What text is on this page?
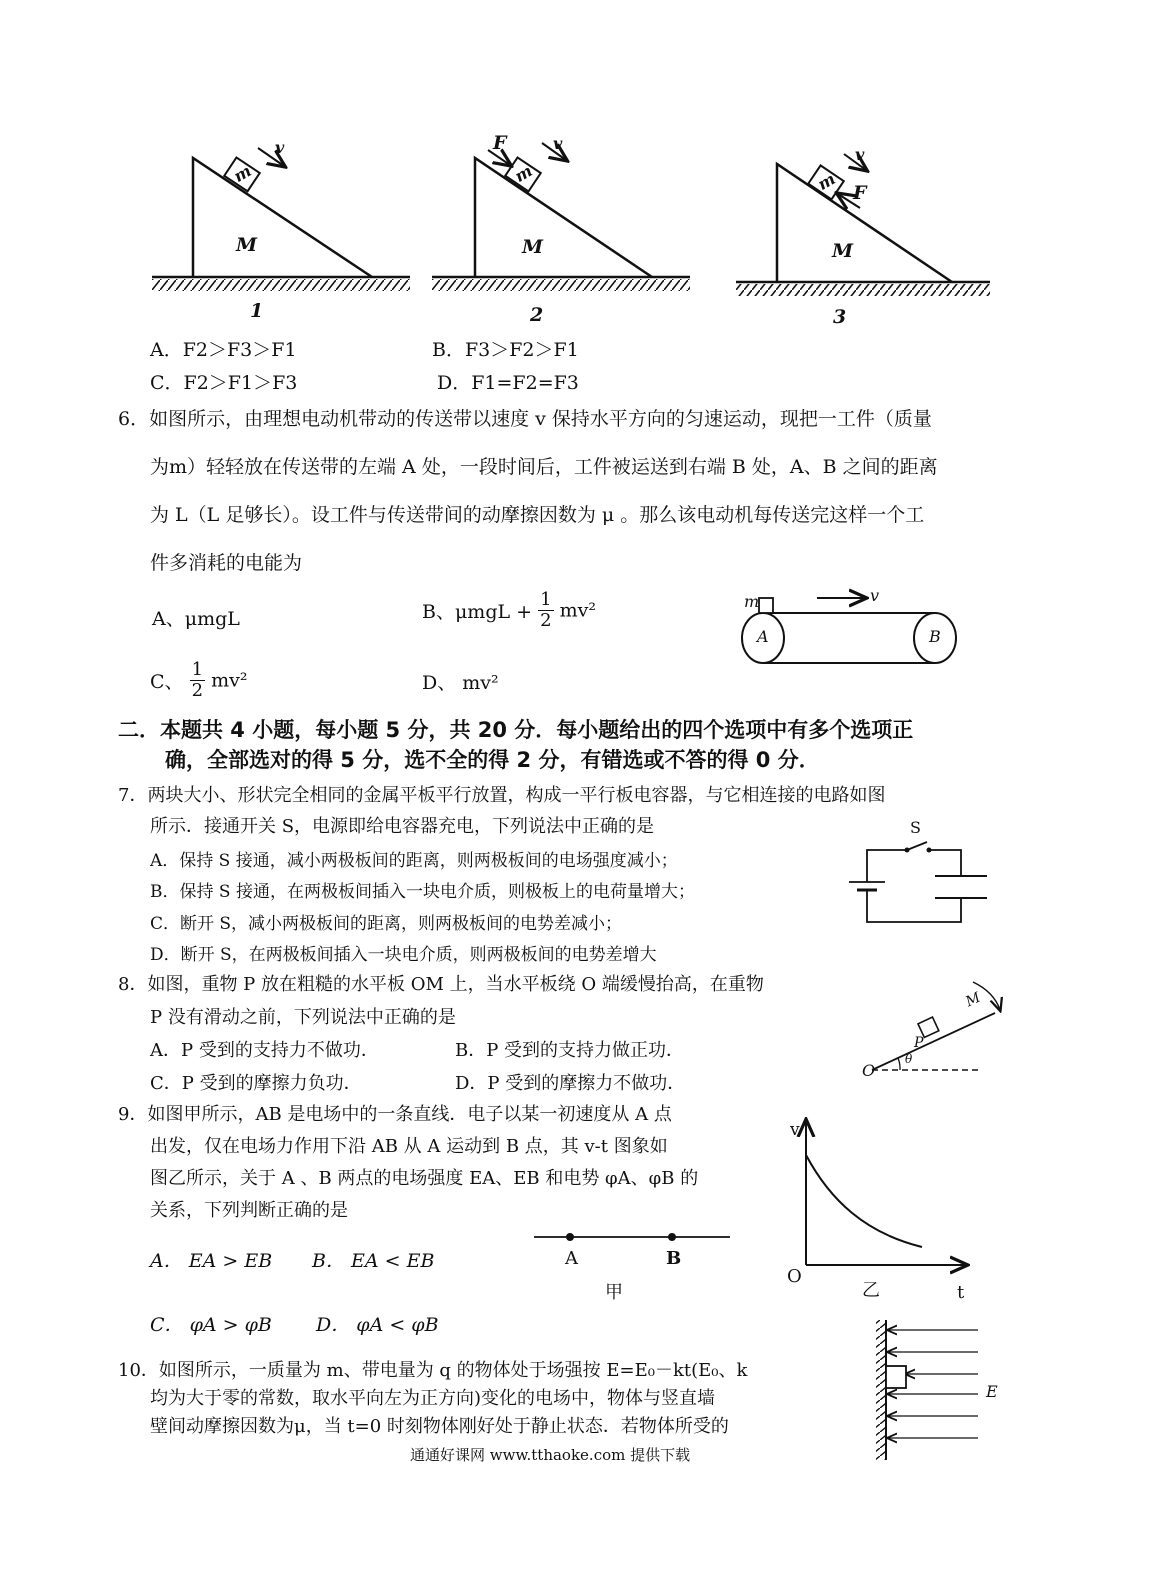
v
m
M
1
F	v
m
M
2
v
m F
M
3
A．F2＞F3＞F1	B．F3＞F2＞F1
C．F2＞F1＞F3	D．F1=F2=F3
6．如图所示，由理想电动机带动的传送带以速度 v 保持水平方向的匀速运动，现把一工件（质量
为m）轻轻放在传送带的左端 A 处，一段时间后，工件被运送到右端 B 处，A、B 之间的距离
为 L（L 足够长）。设工件与传送带间的动摩擦因数为 μ 。那么该电动机每传送完这样一个工
件多消耗的电能为
A、μmgL	B、$\mu mgL + \frac{1}{2} mv^2$
C、 $\frac{1}{2} mv^2$	D、 mv²
m	v
A	B
二．本题共 4 小题，每小题 5 分，共 20 分．每小题给出的四个选项中有多个选项正
确，全部选对的得 5 分，选不全的得 2 分，有错选或不答的得 0 分．
7．两块大小、形状完全相同的金属平板平行放置，构成一平行板电容器，与它相连接的电路如图
所示．接通开关 S，电源即给电容器充电，下列说法中正确的是
A．保持 S 接通，减小两极板间的距离，则两极板间的电场强度减小；
B．保持 S 接通，在两极板间插入一块电介质，则极板上的电荷量增大；
C．断开 S，减小两极板间的距离，则两极板间的电势差减小；
D．断开 S，在两极板间插入一块电介质，则两极板间的电势差增大
S
8．如图，重物 P 放在粗糙的水平板 OM 上，当水平板绕 O 端缓慢抬高，在重物
P 没有滑动之前，下列说法中正确的是
A．P 受到的支持力不做功．	B．P 受到的支持力做正功．
C．P 受到的摩擦力负功．	D．P 受到的摩擦力不做功．
O
P
M
θ
9．如图甲所示，AB 是电场中的一条直线．电子以某一初速度从 A 点
出发，仅在电场力作用下沿 AB 从 A 运动到 B 点，其 v-t 图象如
图乙所示，关于 A 、B 两点的电场强度 EA、EB 和电势 φA、φB 的
关系，下列判断正确的是
A． EA > EB B． EA < EB
C． φA > φB D． φA < φB
A	B
甲
v
O
t
乙
10．如图所示，一质量为 m、带电量为 q 的物体处于场强按 E=E₀－kt(E₀、k
均为大于零的常数，取水平向左为正方向)变化的电场中，物体与竖直墙
壁间动摩擦因数为μ，当 t=0 时刻物体刚好处于静止状态．若物体所受的
E
通通好课网 www.tthaoke.com 提供下载
